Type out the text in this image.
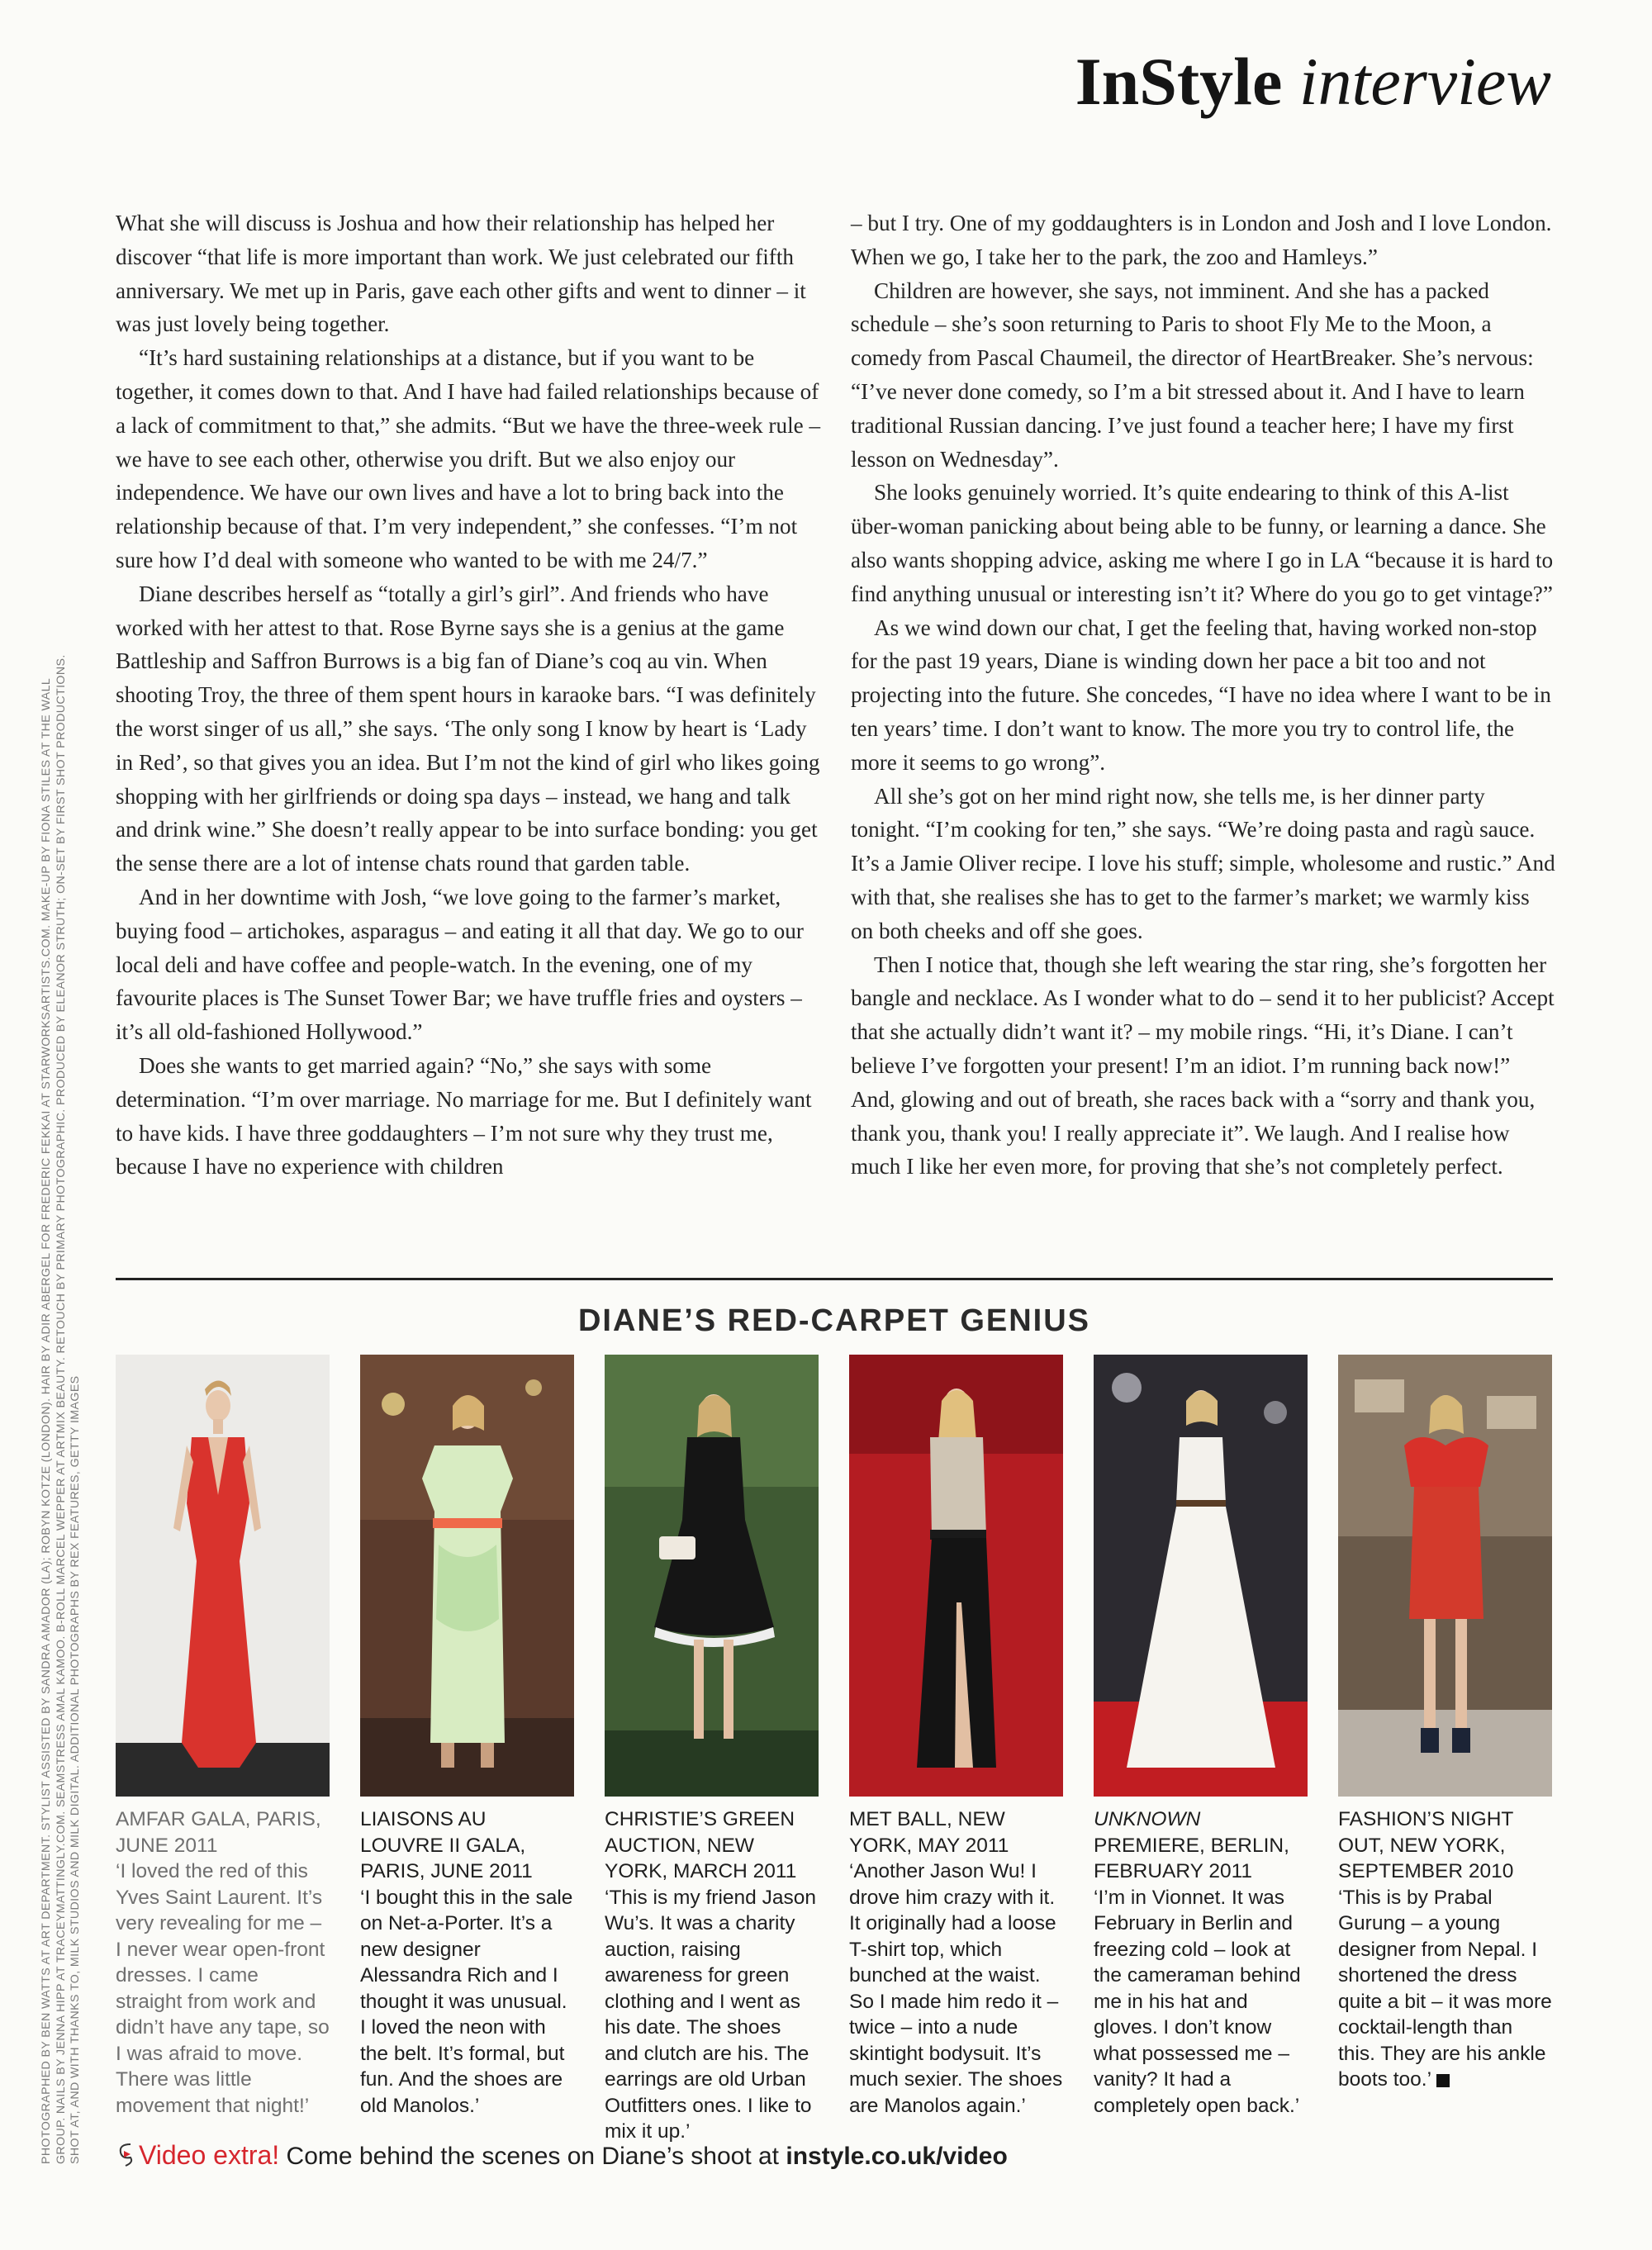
InStyle interview

PHOTOGRAPHED BY BEN WATTS AT ART DEPARTMENT. STYLIST ASSISTED BY SANDRA AMADOR (LA); ROBYN KOTZE (LONDON). HAIR BY ADIR ABERGEL FOR FREDERIC FEKKAI AT STARWORKSARTISTS.COM. MAKE-UP BY FIONA STILES AT THE WALL GROUP. NAILS BY JENNA HIPP AT TRACEYMATTINGLY.COM. SEAMSTRESS AMAL KAMOO. B-ROLL MARCEL WEPPER AT ARTMIX BEAUTY. RETOUCH BY PRIMARY PHOTOGRAPHIC. PRODUCED BY ELEANOR STRUTH; ON-SET BY FIRST SHOT PRODUCTIONS. SHOT AT, AND WITH THANKS TO, MILK STUDIOS AND MILK DIGITAL. ADDITIONAL PHOTOGRAPHS BY REX FEATURES, GETTY IMAGES

What she will discuss is Joshua and how their relationship has helped her discover “that life is more important than work. We just celebrated our fifth anniversary. We met up in Paris, gave each other gifts and went to dinner – it was just lovely being together.

“It’s hard sustaining relationships at a distance, but if you want to be together, it comes down to that. And I have had failed relationships because of a lack of commitment to that,” she admits. “But we have the three-week rule – we have to see each other, otherwise you drift. But we also enjoy our independence. We have our own lives and have a lot to bring back into the relationship because of that. I’m very independent,” she confesses. “I’m not sure how I’d deal with someone who wanted to be with me 24/7.”

Diane describes herself as “totally a girl’s girl”. And friends who have worked with her attest to that. Rose Byrne says she is a genius at the game Battleship and Saffron Burrows is a big fan of Diane’s coq au vin. When shooting Troy, the three of them spent hours in karaoke bars. “I was definitely the worst singer of us all,” she says. ‘The only song I know by heart is ‘Lady in Red’, so that gives you an idea. But I’m not the kind of girl who likes going shopping with her girlfriends or doing spa days – instead, we hang and talk and drink wine.” She doesn’t really appear to be into surface bonding: you get the sense there are a lot of intense chats round that garden table.

And in her downtime with Josh, “we love going to the farmer’s market, buying food – artichokes, asparagus – and eating it all that day. We go to our local deli and have coffee and people-watch. In the evening, one of my favourite places is The Sunset Tower Bar; we have truffle fries and oysters – it’s all old-fashioned Hollywood.”

Does she wants to get married again? “No,” she says with some determination. “I’m over marriage. No marriage for me. But I definitely want to have kids. I have three goddaughters – I’m not sure why they trust me, because I have no experience with children

– but I try. One of my goddaughters is in London and Josh and I love London. When we go, I take her to the park, the zoo and Hamleys.”

Children are however, she says, not imminent. And she has a packed schedule – she’s soon returning to Paris to shoot Fly Me to the Moon, a comedy from Pascal Chaumeil, the director of HeartBreaker. She’s nervous: “I’ve never done comedy, so I’m a bit stressed about it. And I have to learn traditional Russian dancing. I’ve just found a teacher here; I have my first lesson on Wednesday”.

She looks genuinely worried. It’s quite endearing to think of this A-list über-woman panicking about being able to be funny, or learning a dance. She also wants shopping advice, asking me where I go in LA “because it is hard to find anything unusual or interesting isn’t it? Where do you go to get vintage?”

As we wind down our chat, I get the feeling that, having worked non-stop for the past 19 years, Diane is winding down her pace a bit too and not projecting into the future. She concedes, “I have no idea where I want to be in ten years’ time. I don’t want to know. The more you try to control life, the more it seems to go wrong”.

All she’s got on her mind right now, she tells me, is her dinner party tonight. “I’m cooking for ten,” she says. “We’re doing pasta and ragù sauce. It’s a Jamie Oliver recipe. I love his stuff; simple, wholesome and rustic.” And with that, she realises she has to get to the farmer’s market; we warmly kiss on both cheeks and off she goes.

Then I notice that, though she left wearing the star ring, she’s forgotten her bangle and necklace. As I wonder what to do – send it to her publicist? Accept that she actually didn’t want it? – my mobile rings. “Hi, it’s Diane. I can’t believe I’ve forgotten your present! I’m an idiot. I’m running back now!” And, glowing and out of breath, she races back with a “sorry and thank you, thank you, thank you! I really appreciate it”. We laugh. And I realise how much I like her even more, for proving that she’s not completely perfect.

DIANE’S RED-CARPET GENIUS
AMFAR GALA, PARIS, JUNE 2011
‘I loved the red of this Yves Saint Laurent. It’s very revealing for me – I never wear open-front dresses. I came straight from work and didn’t have any tape, so I was afraid to move. There was little movement that night!’
LIAISONS AU LOUVRE II GALA, PARIS, JUNE 2011
‘I bought this in the sale on Net-a-Porter. It’s a new designer Alessandra Rich and I thought it was unusual. I loved the neon with the belt. It’s formal, but fun. And the shoes are old Manolos.’
CHRISTIE’S GREEN AUCTION, NEW YORK, MARCH 2011
‘This is my friend Jason Wu’s. It was a charity auction, raising awareness for green clothing and I went as his date. The shoes and clutch are his. The earrings are old Urban Outfitters ones. I like to mix it up.’
MET BALL, NEW YORK, MAY 2011
‘Another Jason Wu! I drove him crazy with it. It originally had a loose T-shirt top, which bunched at the waist. So I made him redo it – twice – into a nude skintight bodysuit. It’s much sexier. The shoes are Manolos again.’
UNKNOWN PREMIERE, BERLIN, FEBRUARY 2011
‘I’m in Vionnet. It was February in Berlin and freezing cold – look at the cameraman behind me in his hat and gloves. I don’t know what possessed me – vanity? It had a completely open back.’
FASHION’S NIGHT OUT, NEW YORK, SEPTEMBER 2010
‘This is by Prabal Gurung – a young designer from Nepal. I shortened the dress quite a bit – it was more cocktail-length than this. They are his ankle boots too.’
Video extra! Come behind the scenes on Diane’s shoot at instyle.co.uk/video
